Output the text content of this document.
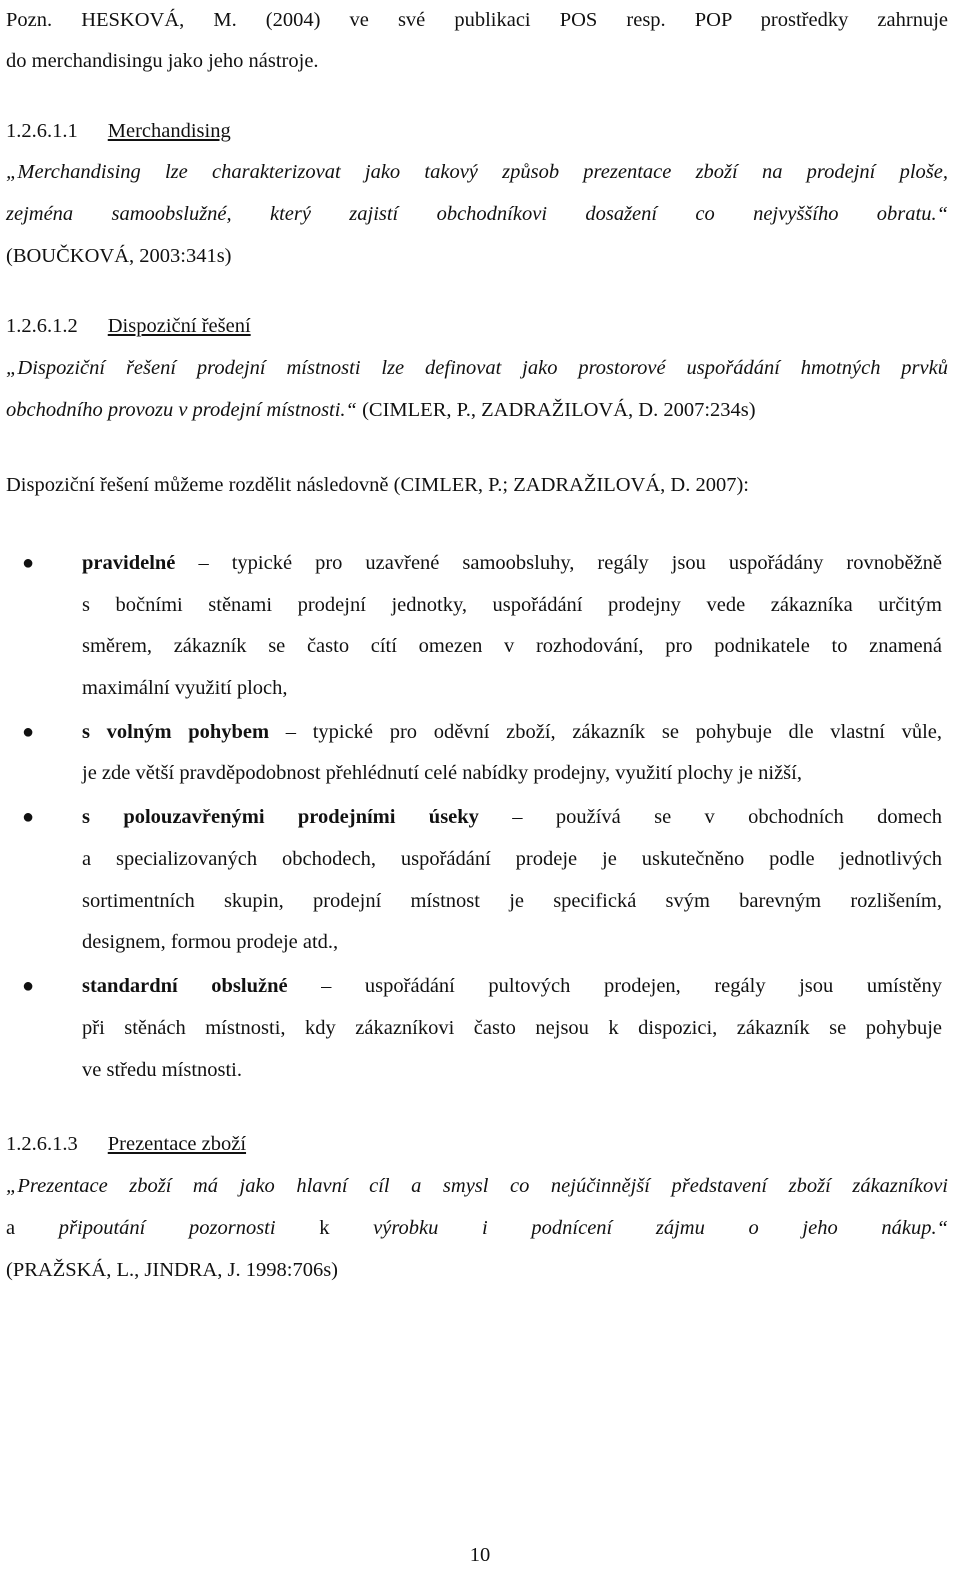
Pozn. HESKOVÁ, M. (2004) ve své publikaci POS resp. POP prostředky zahrnuje
do merchandisingu jako jeho nástroje.
1.2.6.1.1 Merchandising
„Merchandising lze charakterizovat jako takový způsob prezentace zboží na prodejní ploše,
zejména samoobslužné, který zajistí obchodníkovi dosažení co nejvyššího obratu.“
(BOUČKOVÁ, 2003:341s)
1.2.6.1.2 Dispoziční řešení
„Dispoziční řešení prodejní místnosti lze definovat jako prostorové uspořádání hmotných prvků
obchodního provozu v prodejní místnosti.“ (CIMLER, P., ZADRAŽILOVÁ, D. 2007:234s)
Dispoziční řešení můžeme rozdělit následovně (CIMLER, P.; ZADRAŽILOVÁ, D. 2007):
● pravidelné – typické pro uzavřené samoobsluhy, regály jsou uspořádány rovnoběžně
s bočními stěnami prodejní jednotky, uspořádání prodejny vede zákazníka určitým
směrem, zákazník se často cítí omezen v rozhodování, pro podnikatele to znamená
maximální využití ploch,
● s volným pohybem – typické pro oděvní zboží, zákazník se pohybuje dle vlastní vůle,
je zde větší pravděpodobnost přehlédnutí celé nabídky prodejny, využití plochy je nižší,
● s polouzavřenými prodejními úseky – používá se v obchodních domech
a specializovaných obchodech, uspořádání prodeje je uskutečněno podle jednotlivých
sortimentních skupin, prodejní místnost je specifická svým barevným rozlišením,
designem, formou prodeje atd.,
● standardní obslužné – uspořádání pultových prodejen, regály jsou umístěny
při stěnách místnosti, kdy zákazníkovi často nejsou k dispozici, zákazník se pohybuje
ve středu místnosti.
1.2.6.1.3 Prezentace zboží
„Prezentace zboží má jako hlavní cíl a smysl co nejúčinnější představení zboží zákazníkovi
a připoutání pozornosti k výrobku i podnícení zájmu o jeho nákup.“
(PRAŽSKÁ, L., JINDRA, J. 1998:706s)
10
